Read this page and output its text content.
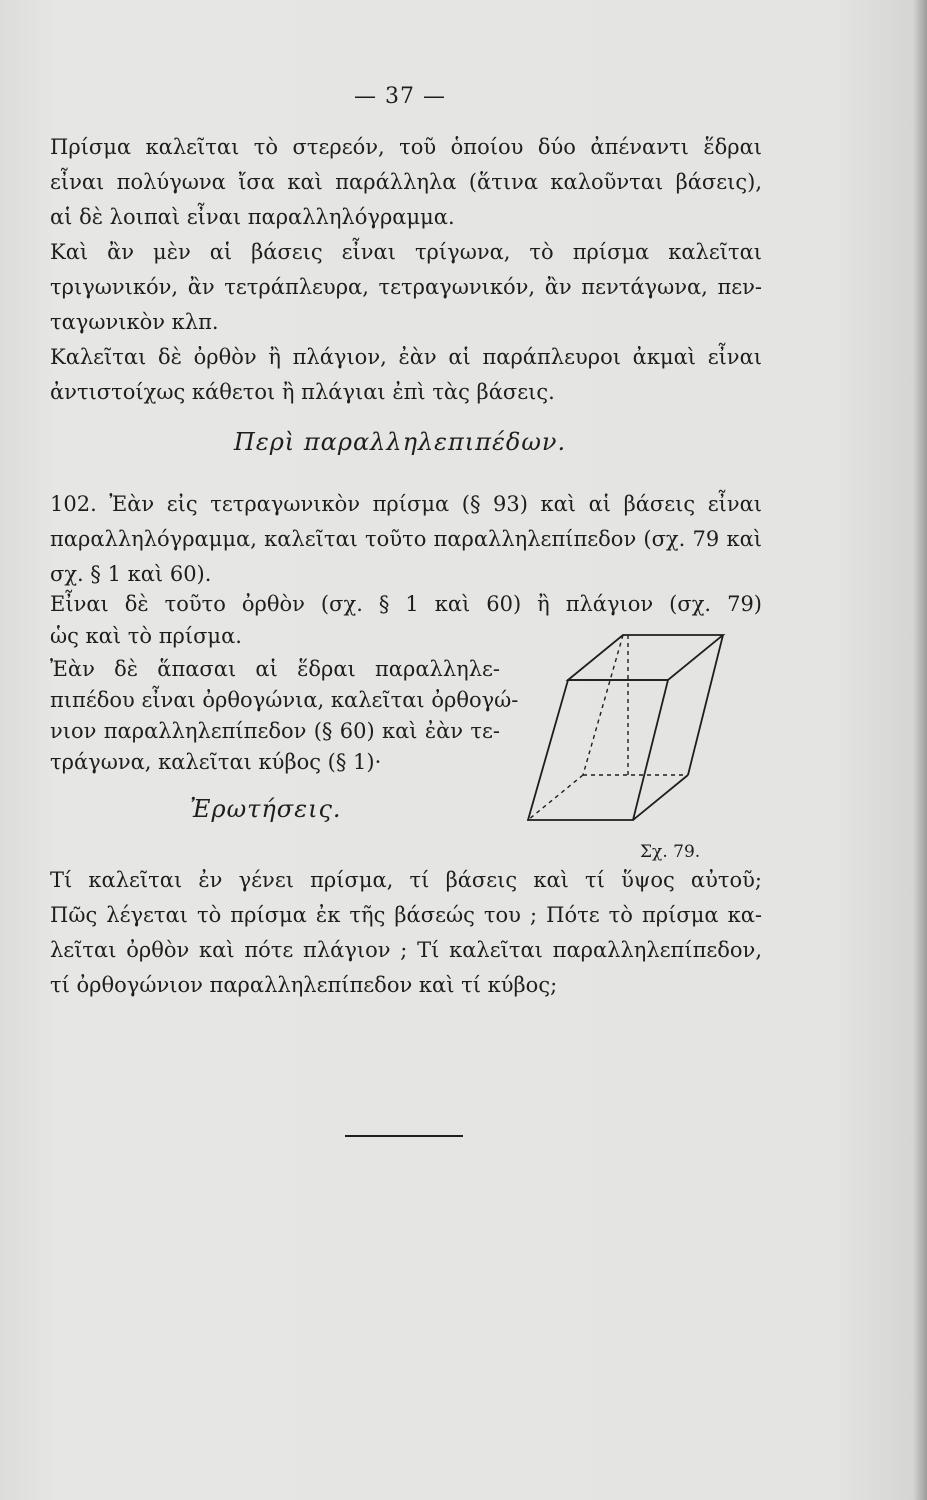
— 37 —
Πρίσμα καλεῖται τὸ στερεόν, τοῦ ὁποίου δύο ἀπέναντι ἕδραι
εἶναι πολύγωνα ἴσα καὶ παράλληλα (ἅτινα καλοῦνται βάσεις),
αἱ δὲ λοιπαὶ εἶναι παραλληλόγραμμα.
Καὶ ἂν μὲν αἱ βάσεις εἶναι τρίγωνα, τὸ πρίσμα καλεῖται
τριγωνικόν, ἂν τετράπλευρα, τετραγωνικόν, ἂν πεντάγωνα, πεν-
ταγωνικὸν κλπ.
Καλεῖται δὲ ὀρθὸν ἢ πλάγιον, ἐὰν αἱ παράπλευροι ἀκμαὶ εἶναι
ἀντιστοίχως κάθετοι ἢ πλάγιαι ἐπὶ τὰς βάσεις.
Περὶ παραλληλεπιπέδων.
102. Ἐὰν εἰς τετραγωνικὸν πρίσμα (§ 93) καὶ αἱ βάσεις εἶναι
παραλληλόγραμμα, καλεῖται τοῦτο παραλληλεπίπεδον (σχ. 79 καὶ
σχ. § 1 καὶ 60).
Εἶναι δὲ τοῦτο ὀρθὸν (σχ. § 1 καὶ 60) ἢ πλάγιον (σχ. 79)
ὡς καὶ τὸ πρίσμα.
Ἐὰν δὲ ἅπασαι αἱ ἕδραι παραλληλε-
πιπέδου εἶναι ὀρθογώνια, καλεῖται ὀρθογώ-
νιον παραλληλεπίπεδον (§ 60) καὶ ἐὰν τε-
τράγωνα, καλεῖται κύβος (§ 1)·
Σχ. 79.
Ἐρωτήσεις.
Τί καλεῖται ἐν γένει πρίσμα, τί βάσεις καὶ τί ὕψος αὐτοῦ;
Πῶς λέγεται τὸ πρίσμα ἐκ τῆς βάσεώς του ; Πότε τὸ πρίσμα κα-
λεῖται ὀρθὸν καὶ πότε πλάγιον ; Τί καλεῖται παραλληλεπίπεδον,
τί ὀρθογώνιον παραλληλεπίπεδον καὶ τί κύβος;
